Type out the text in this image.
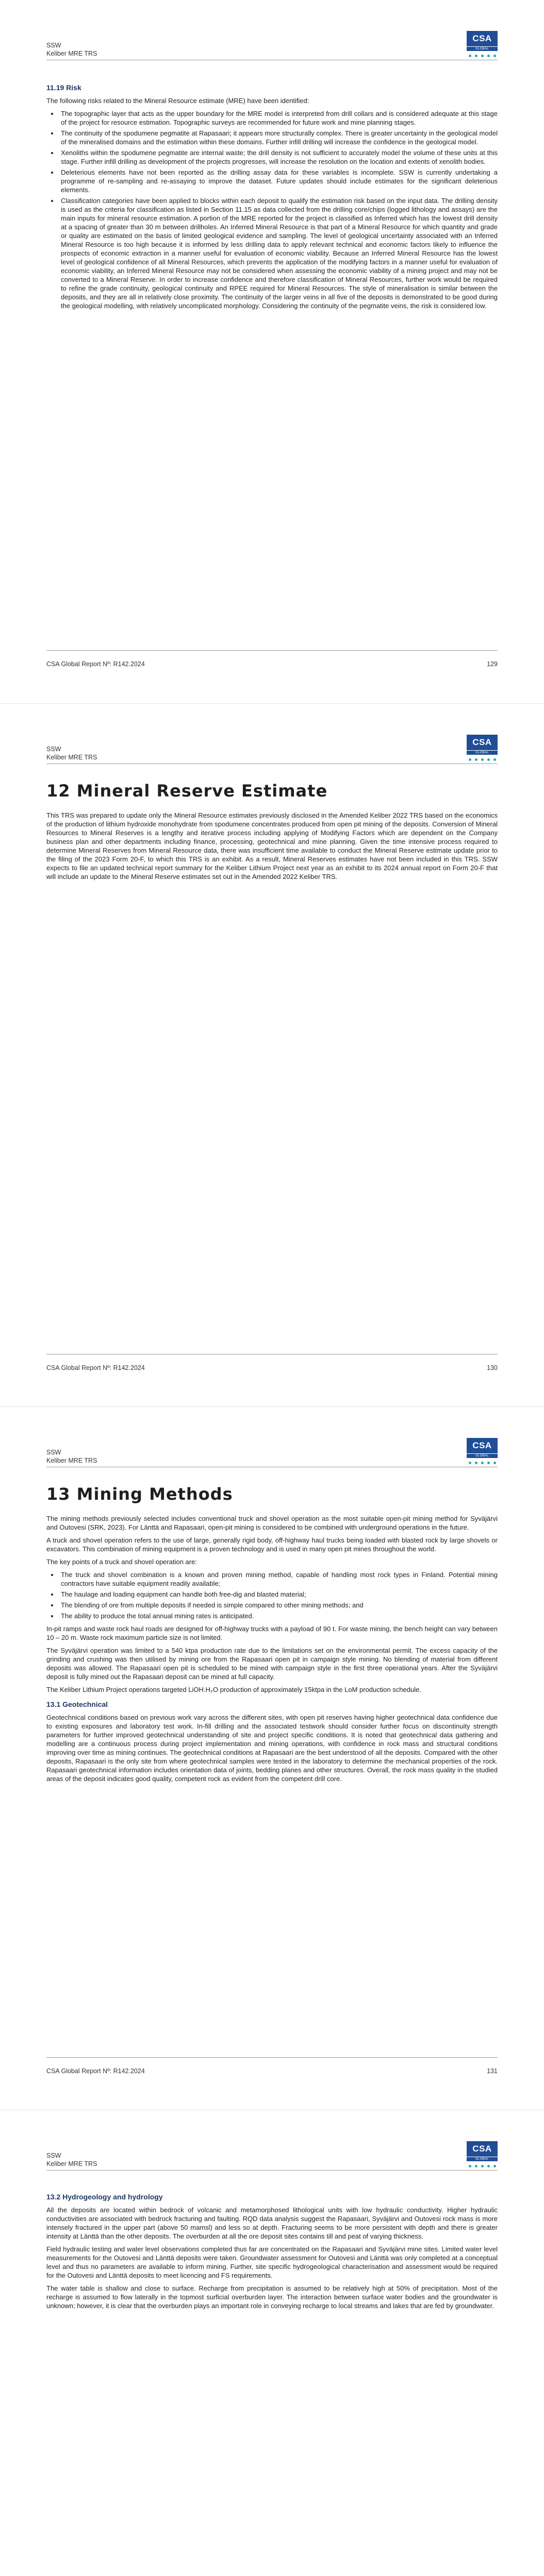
SSW
Keliber MRE TRS
CSA
GLOBAL
11.19 Risk

The following risks related to the Mineral Resource estimate (MRE) have been identified:

• The topographic layer that acts as the upper boundary for the MRE model is interpreted from drill collars and is considered adequate at this stage of the project for resource estimation. Topographic surveys are recommended for future work and mine planning stages.
• The continuity of the spodumene pegmatite at Rapasaari; it appears more structurally complex. There is greater uncertainty in the geological model of the mineralised domains and the estimation within these domains. Further infill drilling will increase the confidence in the geological model.
• Xenoliths within the spodumene pegmatite are internal waste; the drill density is not sufficient to accurately model the volume of these units at this stage. Further infill drilling as development of the projects progresses, will increase the resolution on the location and extents of xenolith bodies.
• Deleterious elements have not been reported as the drilling assay data for these variables is incomplete. SSW is currently undertaking a programme of re-sampling and re-assaying to improve the dataset. Future updates should include estimates for the significant deleterious elements.
• Classification categories have been applied to blocks within each deposit to qualify the estimation risk based on the input data. The drilling density is used as the criteria for classification as listed in Section 11.15 as data collected from the drilling core/chips (logged lithology and assays) are the main inputs for mineral resource estimation. A portion of the MRE reported for the project is classified as Inferred which has the lowest drill density at a spacing of greater than 30 m between drillholes. An Inferred Mineral Resource is that part of a Mineral Resource for which quantity and grade or quality are estimated on the basis of limited geological evidence and sampling. The level of geological uncertainty associated with an Inferred Mineral Resource is too high because it is informed by less drilling data to apply relevant technical and economic factors likely to influence the prospects of economic extraction in a manner useful for evaluation of economic viability. Because an Inferred Mineral Resource has the lowest level of geological confidence of all Mineral Resources, which prevents the application of the modifying factors in a manner useful for evaluation of economic viability, an Inferred Mineral Resource may not be considered when assessing the economic viability of a mining project and may not be converted to a Mineral Reserve. In order to increase confidence and therefore classification of Mineral Resources, further work would be required to refine the grade continuity, geological continuity and RPEE required for Mineral Resources. The style of mineralisation is similar between the deposits, and they are all in relatively close proximity. The continuity of the larger veins in all five of the deposits is demonstrated to be good during the geological modelling, with relatively uncomplicated morphology. Considering the continuity of the pegmatite veins, the risk is considered low.
CSA Global Report Nº: R142.2024	129
SSW
Keliber MRE TRS
CSA
GLOBAL
12 Mineral Reserve Estimate

This TRS was prepared to update only the Mineral Resource estimates previously disclosed in the Amended Keliber 2022 TRS based on the economics of the production of lithium hydroxide monohydrate from spodumene concentrates produced from open pit mining of the deposits. Conversion of Mineral Resources to Mineral Reserves is a lengthy and iterative process including applying of Modifying Factors which are dependent on the Company business plan and other departments including finance, processing, geotechnical and mine planning. Given the time intensive process required to determine Mineral Reserves from Mineral Resource data, there was insufficient time available to conduct the Mineral Reserve estimate update prior to the filing of the 2023 Form 20-F, to which this TRS is an exhibit. As a result, Mineral Reserves estimates have not been included in this TRS. SSW expects to file an updated technical report summary for the Keliber Lithium Project next year as an exhibit to its 2024 annual report on Form 20-F that will include an update to the Mineral Reserve estimates set out in the Amended 2022 Keliber TRS.

CSA Global Report Nº: R142.2024	130
SSW
Keliber MRE TRS
CSA
GLOBAL
13 Mining Methods

The mining methods previously selected includes conventional truck and shovel operation as the most suitable open-pit mining method for Syväjärvi and Outovesi (SRK, 2023). For Länttä and Rapasaari, open-pit mining is considered to be combined with underground operations in the future.

A truck and shovel operation refers to the use of large, generally rigid body, off-highway haul trucks being loaded with blasted rock by large shovels or excavators. This combination of mining equipment is a proven technology and is used in many open pit mines throughout the world.

The key points of a truck and shovel operation are:

• The truck and shovel combination is a known and proven mining method, capable of handling most rock types in Finland. Potential mining contractors have suitable equipment readily available;
• The haulage and loading equipment can handle both free-dig and blasted material;
• The blending of ore from multiple deposits if needed is simple compared to other mining methods; and
• The ability to produce the total annual mining rates is anticipated.

In-pit ramps and waste rock haul roads are designed for off-highway trucks with a payload of 90 t. For waste mining, the bench height can vary between 10 – 20 m. Waste rock maximum particle size is not limited.

The Syväjärvi operation was limited to a 540 ktpa production rate due to the limitations set on the environmental permit. The excess capacity of the grinding and crushing was then utilised by mining ore from the Rapasaari open pit in campaign style mining. No blending of material from different deposits was allowed. The Rapasaari open pit is scheduled to be mined with campaign style in the first three operational years. After the Syväjärvi deposit is fully mined out the Rapasaari deposit can be mined at full capacity.

The Keliber Lithium Project operations targeted LiOH.H₂O production of approximately 15ktpa in the LoM production schedule.

13.1 Geotechnical

Geotechnical conditions based on previous work vary across the different sites, with open pit reserves having higher geotechnical data confidence due to existing exposures and laboratory test work. In-fill drilling and the associated testwork should consider further focus on discontinuity strength parameters for further improved geotechnical understanding of site and project specific conditions. It is noted that geotechnical data gathering and modelling are a continuous process during project implementation and mining operations, with confidence in rock mass and structural conditions improving over time as mining continues. The geotechnical conditions at Rapasaari are the best understood of all the deposits. Compared with the other deposits, Rapasaari is the only site from where geotechnical samples were tested in the laboratory to determine the mechanical properties of the rock. Rapasaari geotechnical information includes orientation data of joints, bedding planes and other structures. Overall, the rock mass quality in the studied areas of the deposit indicates good quality, competent rock as evident from the competent drill core.

CSA Global Report Nº: R142.2024	131
SSW
Keliber MRE TRS
CSA
GLOBAL
13.2 Hydrogeology and hydrology

All the deposits are located within bedrock of volcanic and metamorphosed lithological units with low hydraulic conductivity. Higher hydraulic conductivities are associated with bedrock fracturing and faulting. RQD data analysis suggest the Rapasaari, Syväjärvi and Outovesi rock mass is more intensely fractured in the upper part (above 50 mamsl) and less so at depth. Fracturing seems to be more persistent with depth and there is greater intensity at Länttä than the other deposits. The overburden at all the ore deposit sites contains till and peat of varying thickness.

Field hydraulic testing and water level observations completed thus far are concentrated on the Rapasaari and Syväjärvi mine sites. Limited water level measurements for the Outovesi and Länttä deposits were taken. Groundwater assessment for Outovesi and Länttä was only completed at a conceptual level and thus no parameters are available to inform mining. Further, site specific hydrogeological characterisation and assessment would be required for the Outovesi and Länttä deposits to meet licencing and FS requirements.

The water table is shallow and close to surface. Recharge from precipitation is assumed to be relatively high at 50% of precipitation. Most of the recharge is assumed to flow laterally in the topmost surficial overburden layer. The interaction between surface water bodies and the groundwater is unknown; however, it is clear that the overburden plays an important role in conveying recharge to local streams and lakes that are fed by groundwater.
